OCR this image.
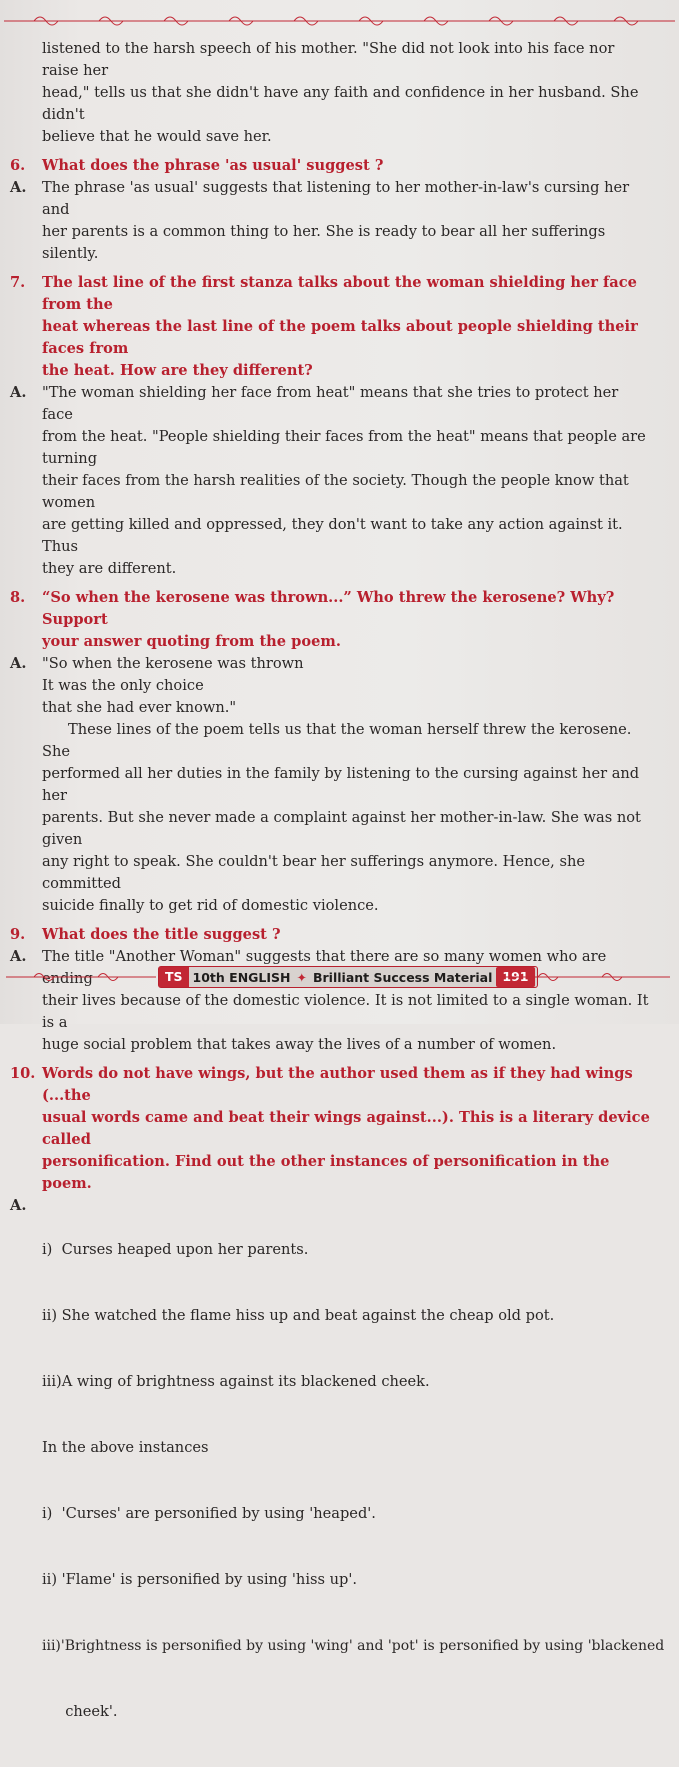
listened to the harsh speech of his mother. "She did not look into his face nor raise her
head," tells us that she didn't have any faith and confidence in her husband. She didn't
believe that he would save her.
6.	What does the phrase 'as usual' suggest ?
A.	The phrase 'as usual' suggests that listening to her mother-in-law's cursing her and
her parents is a common thing to her. She is ready to bear all her sufferings silently.
7.	The last line of the first stanza talks about the woman shielding her face from the
heat whereas the last line of the poem talks about people shielding their faces from
the heat. How are they different?
A.	"The woman shielding her face from heat" means that she tries to protect her face
from the heat. "People shielding their faces from the heat" means that people are turning
their faces from the harsh realities of the society. Though the people know that women
are getting killed and oppressed, they don't want to take any action against it. Thus
they are different.
8.	“So when the kerosene was thrown...” Who threw the kerosene? Why? Support
your answer quoting from the poem.
A.	"So when the kerosene was thrown
It was the only choice
that she had ever known."
These lines of the poem tells us that the woman herself threw the kerosene. She
performed all her duties in the family by listening to the cursing against her and her
parents. But she never made a complaint against her mother-in-law. She was not given
any right to speak. She couldn't bear her sufferings anymore. Hence, she committed
suicide finally to get rid of domestic violence.
9.	What does the title suggest ?
A.	The title "Another Woman" suggests that there are so many women who are ending
their lives because of the domestic violence. It is not limited to a single woman. It is a
huge social problem that takes away the lives of a number of women.
10. Words do not have wings, but the author used them as if they had wings (...the
usual words came and beat their wings against...). This is a literary device called
personification. Find out the other instances of personification in the poem.
A.

i)  Curses heaped upon her parents.

ii) She watched the flame hiss up and beat against the cheap old pot.

iii)A wing of brightness against its blackened cheek.

In the above instances

i)  'Curses' are personified by using 'heaped'.

ii) 'Flame' is personified by using 'hiss up'.

iii)'Brightness is personified by using 'wing' and 'pot' is personified by using 'blackened

cheek'.

TS 10th ENGLISH ✦ Brilliant Success Material 191
